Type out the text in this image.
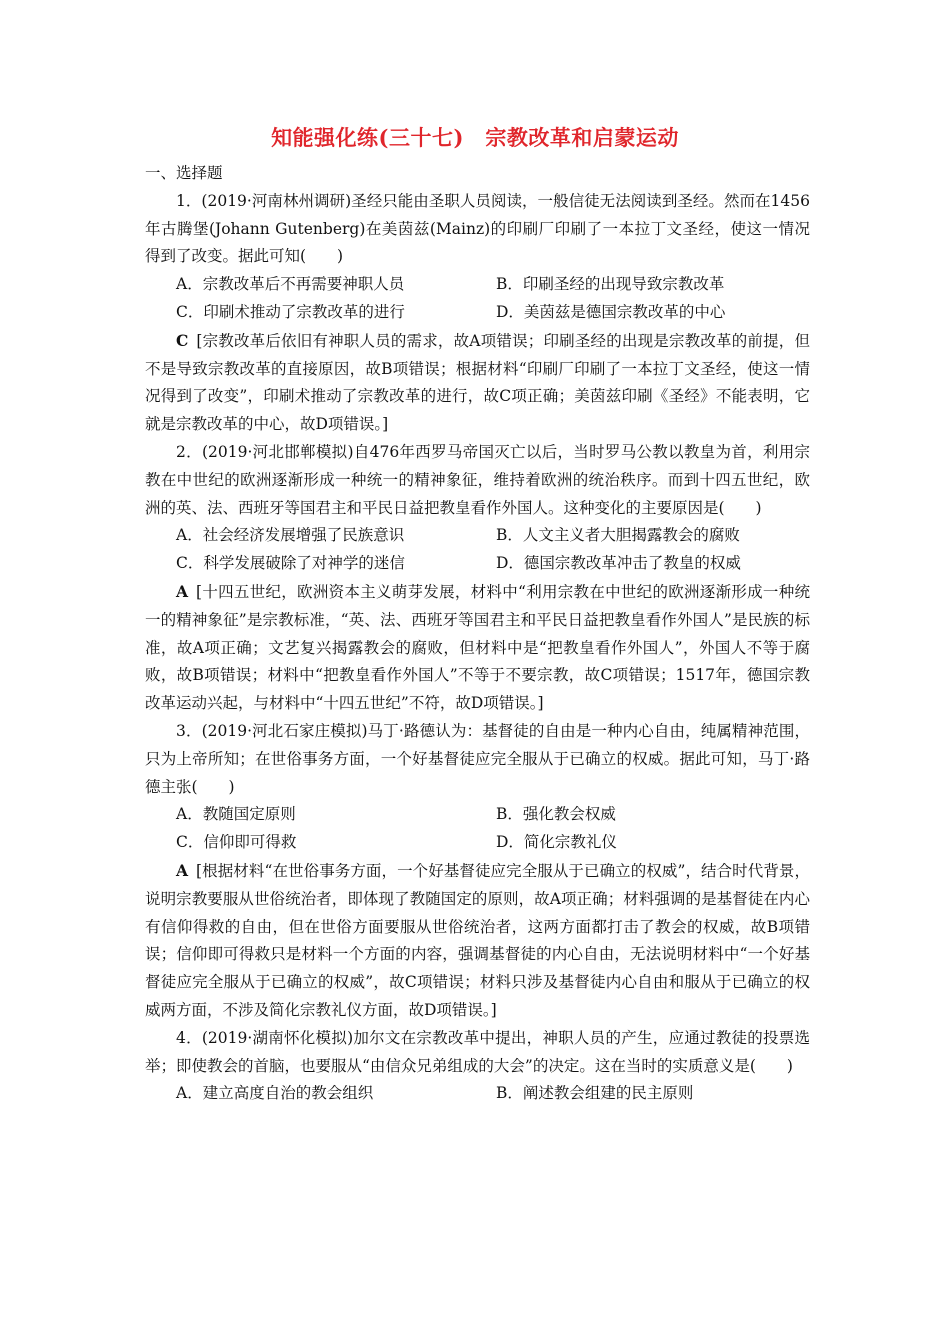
知能强化练(三十七)　宗教改革和启蒙运动

一、选择题

1．(2019·河南林州调研)圣经只能由圣职人员阅读，一般信徒无法阅读到圣经。然而在1456 年古腾堡(Johann Gutenberg)在美茵兹(Mainz)的印刷厂印刷了一本拉丁文圣经，使这一情况得到了改变。据此可知(　　)

A．宗教改革后不再需要神职人员	B．印刷圣经的出现导致宗教改革

C．印刷术推动了宗教改革的进行	D．美茵兹是德国宗教改革的中心

C [宗教改革后依旧有神职人员的需求，故A项错误；印刷圣经的出现是宗教改革的前提，但不是导致宗教改革的直接原因，故B项错误；根据材料“印刷厂印刷了一本拉丁文圣经，使这一情况得到了改变”，印刷术推动了宗教改革的进行，故C项正确；美茵兹印刷《圣经》不能表明，它就是宗教改革的中心，故D项错误。]

2．(2019·河北邯郸模拟)自476年西罗马帝国灭亡以后，当时罗马公教以教皇为首，利用宗教在中世纪的欧洲逐渐形成一种统一的精神象征，维持着欧洲的统治秩序。而到十四五世纪，欧洲的英、法、西班牙等国君主和平民日益把教皇看作外国人。这种变化的主要原因是(　　)

A．社会经济发展增强了民族意识	B．人文主义者大胆揭露教会的腐败

C．科学发展破除了对神学的迷信	D．德国宗教改革冲击了教皇的权威

A [十四五世纪，欧洲资本主义萌芽发展，材料中“利用宗教在中世纪的欧洲逐渐形成一种统一的精神象征”是宗教标准，“英、法、西班牙等国君主和平民日益把教皇看作外国人”是民族的标准，故A项正确；文艺复兴揭露教会的腐败，但材料中是“把教皇看作外国人”，外国人不等于腐败，故B项错误；材料中“把教皇看作外国人”不等于不要宗教，故C项错误；1517年，德国宗教改革运动兴起，与材料中“十四五世纪”不符，故D项错误。]

3．(2019·河北石家庄模拟)马丁·路德认为：基督徒的自由是一种内心自由，纯属精神范围，只为上帝所知；在世俗事务方面，一个好基督徒应完全服从于已确立的权威。据此可知，马丁·路德主张(　　)

A．教随国定原则	B．强化教会权威

C．信仰即可得救	D．简化宗教礼仪

A [根据材料“在世俗事务方面，一个好基督徒应完全服从于已确立的权威”，结合时代背景，说明宗教要服从世俗统治者，即体现了教随国定的原则，故A项正确；材料强调的是基督徒在内心有信仰得救的自由，但在世俗方面要服从世俗统治者，这两方面都打击了教会的权威，故B项错误；信仰即可得救只是材料一个方面的内容，强调基督徒的内心自由，无法说明材料中“一个好基督徒应完全服从于已确立的权威”，故C项错误；材料只涉及基督徒内心自由和服从于已确立的权威两方面，不涉及简化宗教礼仪方面，故D项错误。]

4．(2019·湖南怀化模拟)加尔文在宗教改革中提出，神职人员的产生，应通过教徒的投票选举；即使教会的首脑，也要服从“由信众兄弟组成的大会”的决定。这在当时的实质意义是(　　)

A．建立高度自治的教会组织	B．阐述教会组建的民主原则
